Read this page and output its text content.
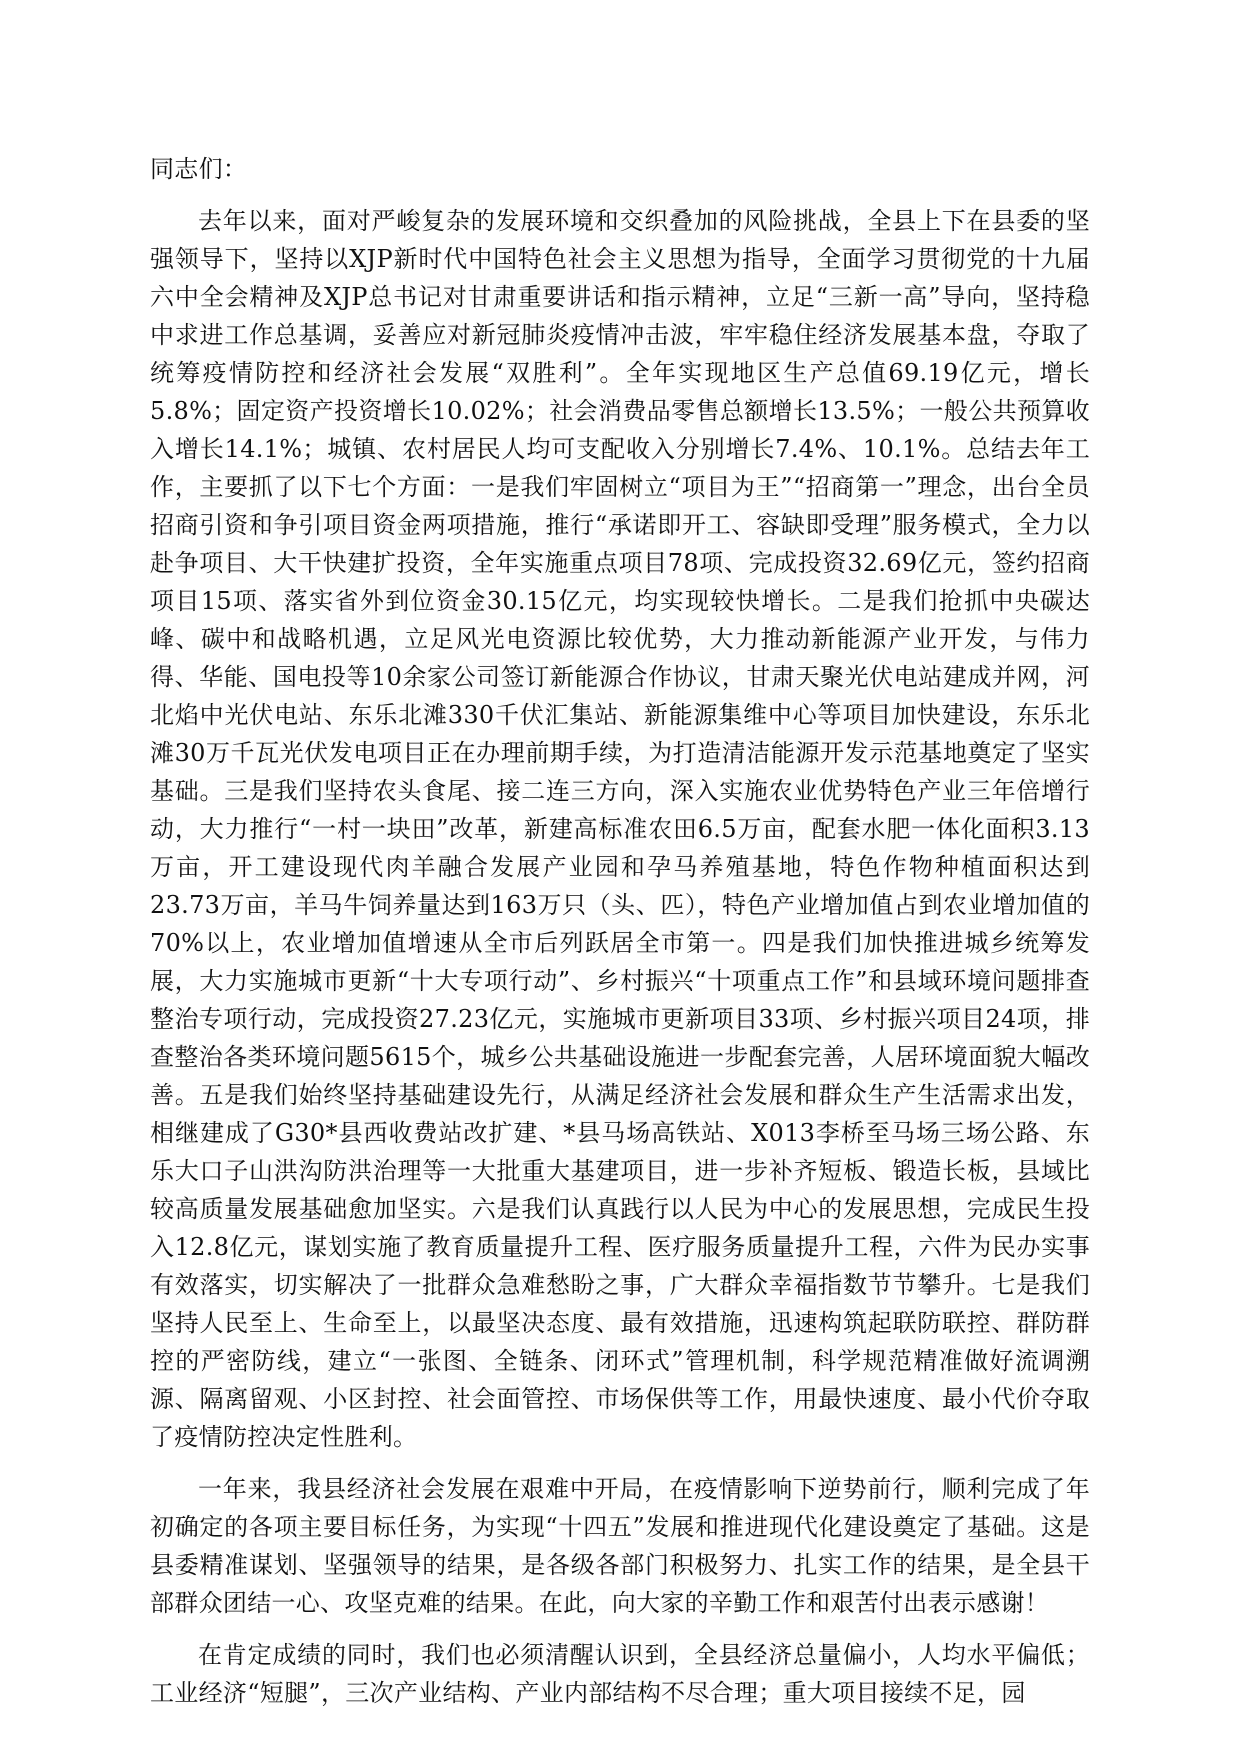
同志们：

去年以来，面对严峻复杂的发展环境和交织叠加的风险挑战，全县上下在县委的坚强领导下，坚持以XJP新时代中国特色社会主义思想为指导，全面学习贯彻党的十九届六中全会精神及XJP总书记对甘肃重要讲话和指示精神，立足“三新一高”导向，坚持稳中求进工作总基调，妥善应对新冠肺炎疫情冲击波，牢牢稳住经济发展基本盘，夺取了统筹疫情防控和经济社会发展“双胜利”。全年实现地区生产总值69.19亿元，增长5.8%；固定资产投资增长10.02%；社会消费品零售总额增长13.5%；一般公共预算收入增长14.1%；城镇、农村居民人均可支配收入分别增长7.4%、10.1%。总结去年工作，主要抓了以下七个方面：一是我们牢固树立“项目为王”“招商第一”理念，出台全员招商引资和争引项目资金两项措施，推行“承诺即开工、容缺即受理”服务模式，全力以赴争项目、大干快建扩投资，全年实施重点项目78项、完成投资32.69亿元，签约招商项目15项、落实省外到位资金30.15亿元，均实现较快增长。二是我们抢抓中央碳达峰、碳中和战略机遇，立足风光电资源比较优势，大力推动新能源产业开发，与伟力得、华能、国电投等10余家公司签订新能源合作协议，甘肃天聚光伏电站建成并网，河北焰中光伏电站、东乐北滩330千伏汇集站、新能源集维中心等项目加快建设，东乐北滩30万千瓦光伏发电项目正在办理前期手续，为打造清洁能源开发示范基地奠定了坚实基础。三是我们坚持农头食尾、接二连三方向，深入实施农业优势特色产业三年倍增行动，大力推行“一村一块田”改革，新建高标准农田6.5万亩，配套水肥一体化面积3.13万亩，开工建设现代肉羊融合发展产业园和孕马养殖基地，特色作物种植面积达到23.73万亩，羊马牛饲养量达到163万只（头、匹），特色产业增加值占到农业增加值的70%以上，农业增加值增速从全市后列跃居全市第一。四是我们加快推进城乡统筹发展，大力实施城市更新“十大专项行动”、乡村振兴“十项重点工作”和县域环境问题排查整治专项行动，完成投资27.23亿元，实施城市更新项目33项、乡村振兴项目24项，排查整治各类环境问题5615个，城乡公共基础设施进一步配套完善，人居环境面貌大幅改善。五是我们始终坚持基础建设先行，从满足经济社会发展和群众生产生活需求出发，相继建成了G30*县西收费站改扩建、*县马场高铁站、X013李桥至马场三场公路、东乐大口子山洪沟防洪治理等一大批重大基建项目，进一步补齐短板、锻造长板，县域比较高质量发展基础愈加坚实。六是我们认真践行以人民为中心的发展思想，完成民生投入12.8亿元，谋划实施了教育质量提升工程、医疗服务质量提升工程，六件为民办实事有效落实，切实解决了一批群众急难愁盼之事，广大群众幸福指数节节攀升。七是我们坚持人民至上、生命至上，以最坚决态度、最有效措施，迅速构筑起联防联控、群防群控的严密防线，建立“一张图、全链条、闭环式”管理机制，科学规范精准做好流调溯源、隔离留观、小区封控、社会面管控、市场保供等工作，用最快速度、最小代价夺取了疫情防控决定性胜利。

一年来，我县经济社会发展在艰难中开局，在疫情影响下逆势前行，顺利完成了年初确定的各项主要目标任务，为实现“十四五”发展和推进现代化建设奠定了基础。这是县委精准谋划、坚强领导的结果，是各级各部门积极努力、扎实工作的结果，是全县干部群众团结一心、攻坚克难的结果。在此，向大家的辛勤工作和艰苦付出表示感谢！

在肯定成绩的同时，我们也必须清醒认识到，全县经济总量偏小，人均水平偏低；工业经济“短腿”，三次产业结构、产业内部结构不尽合理；重大项目接续不足，园
